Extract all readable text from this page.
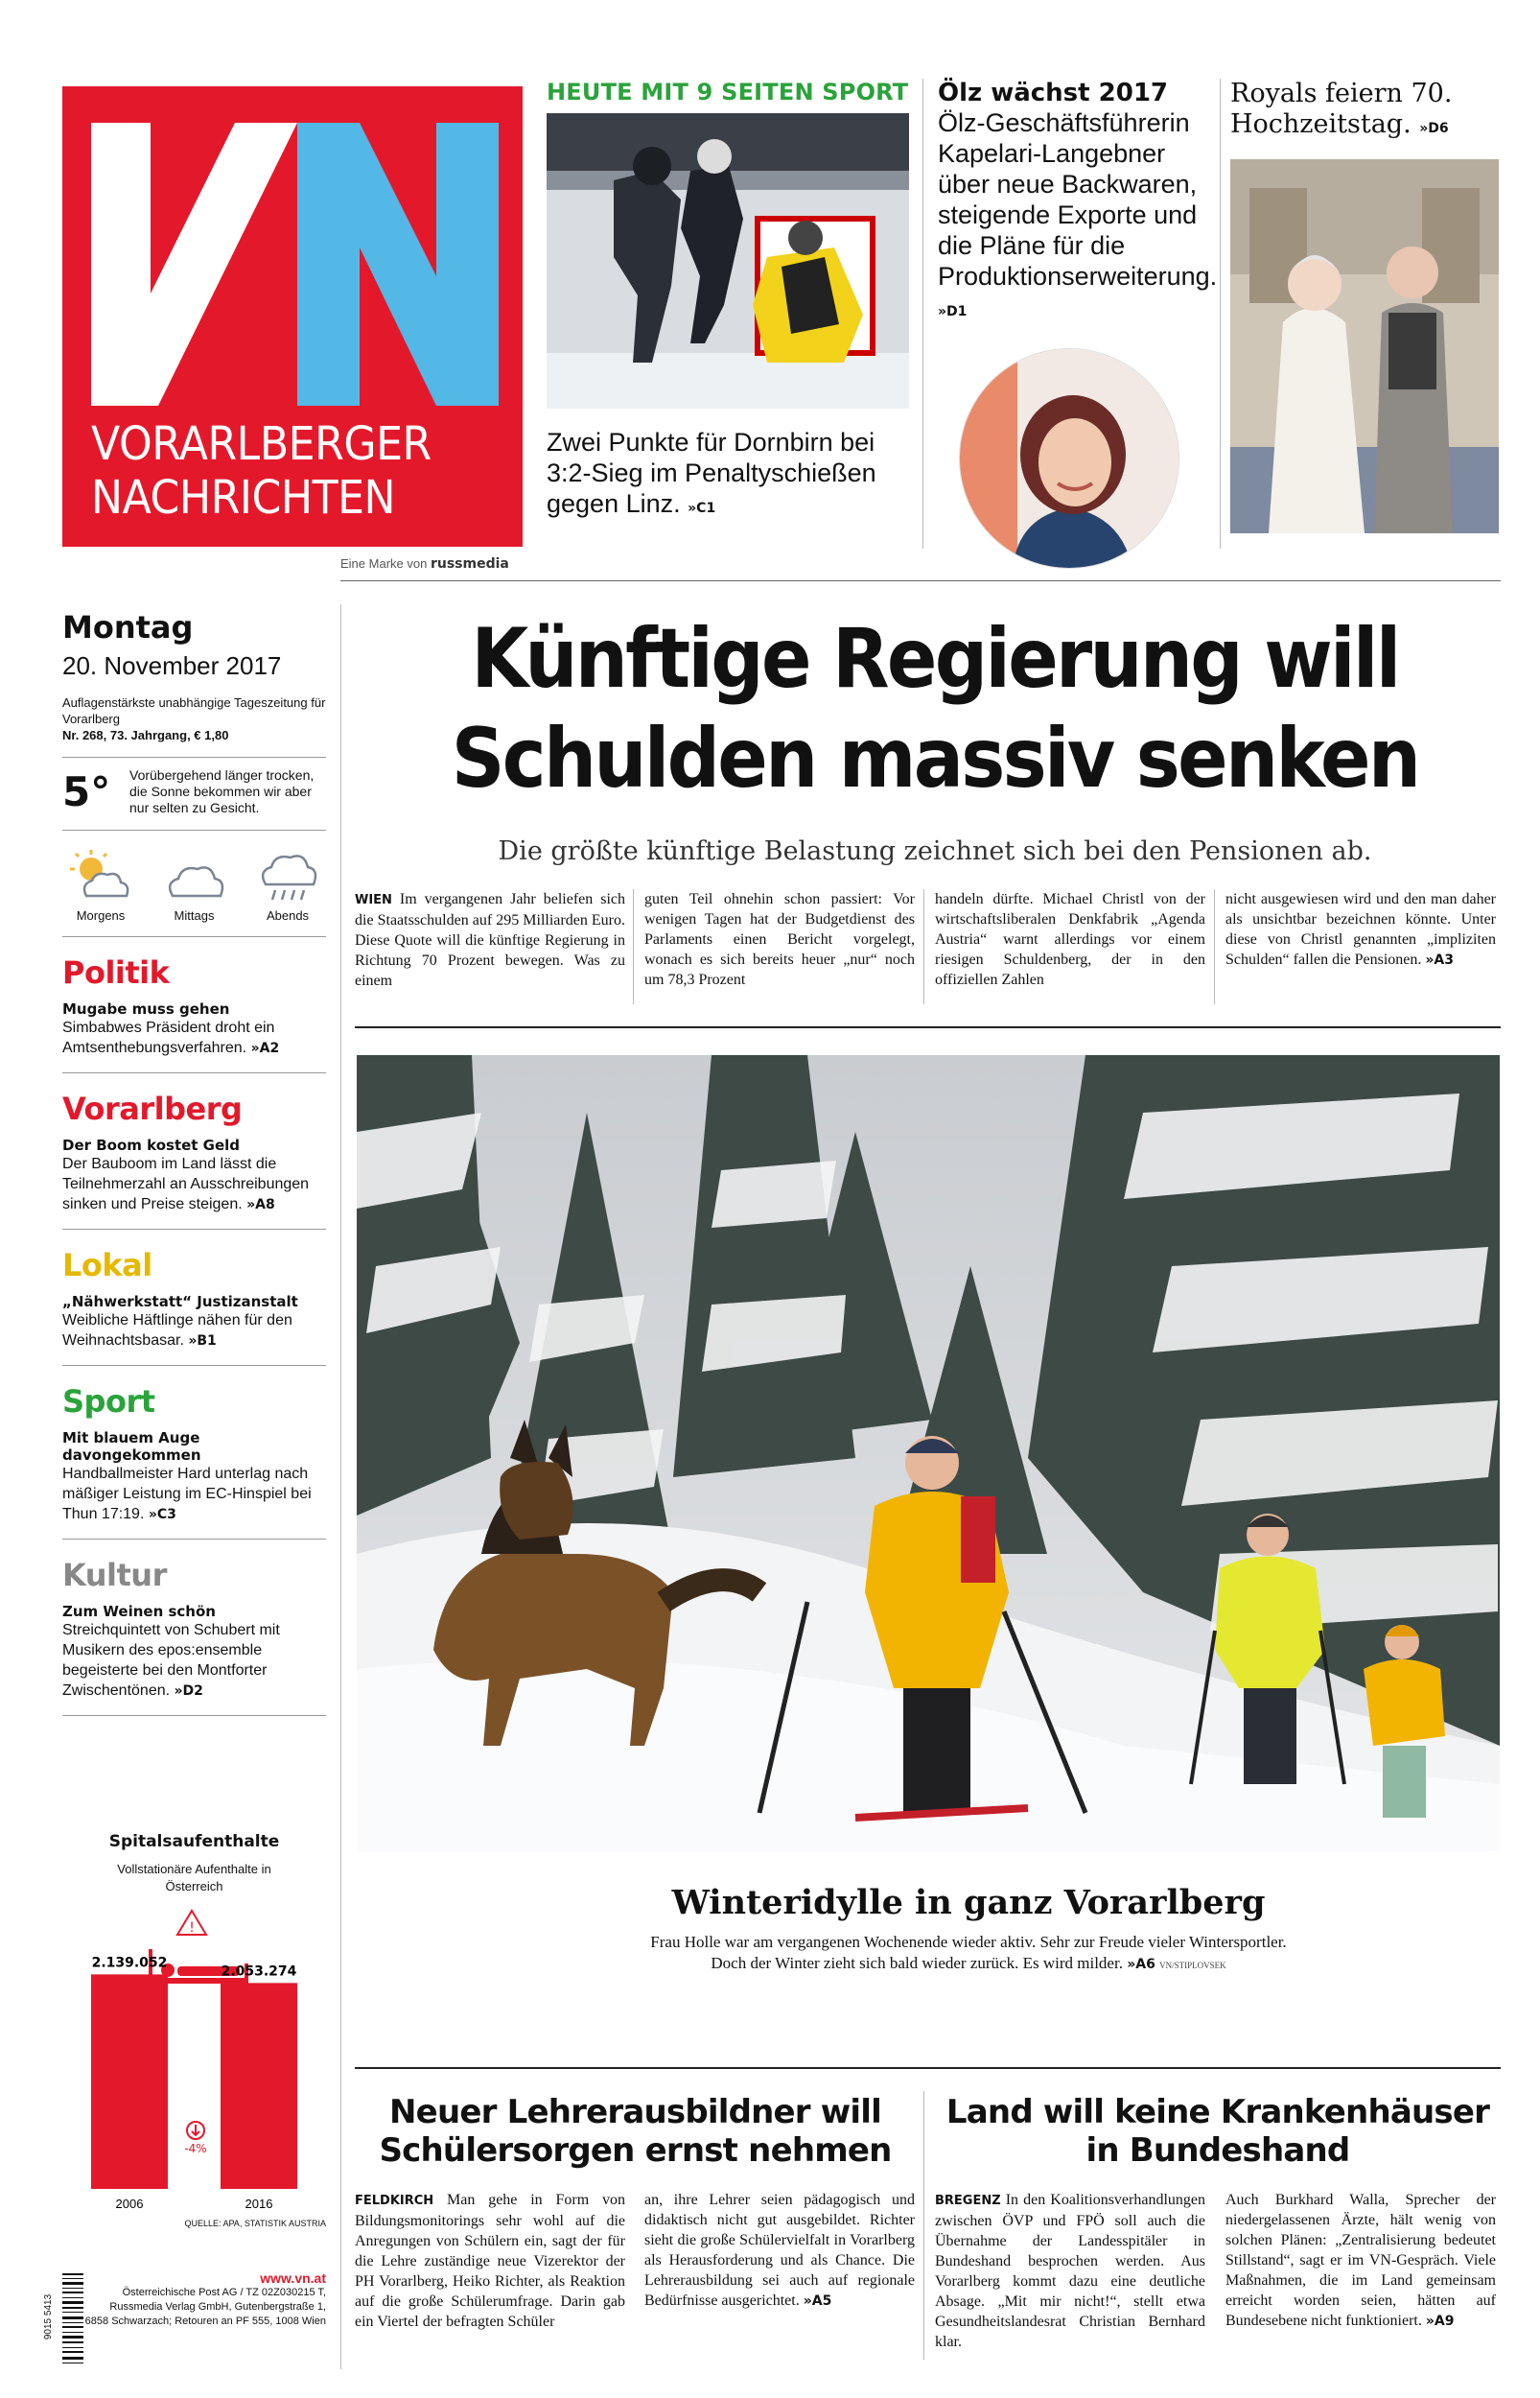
VORARLBERGER
NACHRICHTEN
Eine Marke von russmedia
HEUTE MIT 9 SEITEN SPORT
Zwei Punkte für Dornbirn bei 3:2-Sieg im Penaltyschießen gegen Linz. »C1
Ölz wächst 2017
Ölz-Geschäftsführerin Kapelari-Langebner über neue Backwaren, steigende Exporte und die Pläne für die Produktionserweiterung. »D1
Royals feiern 70. Hochzeitstag. »D6
Montag
20. November 2017
Auflagenstärkste unabhängige Tageszeitung für Vorarlberg
Nr. 268, 73. Jahrgang, € 1,80
5°	Vorübergehend länger trocken, die Sonne bekommen wir aber nur selten zu Gesicht.
Morgens	Mittags	Abends
Politik
Mugabe muss gehen
Simbabwes Präsident droht ein Amtsenthebungsverfahren. »A2
Vorarlberg
Der Boom kostet Geld
Der Bauboom im Land lässt die Teilnehmerzahl an Ausschreibungen sinken und Preise steigen. »A8
Lokal
„Nähwerkstatt“ Justizanstalt
Weibliche Häftlinge nähen für den Weihnachtsbasar. »B1
Sport
Mit blauem Auge davongekommen
Handballmeister Hard unterlag nach mäßiger Leistung im EC-Hinspiel bei Thun 17:19. »C3
Kultur
Zum Weinen schön
Streichquintett von Schubert mit Musikern des epos:ensemble begeisterte bei den Montforter Zwischentönen. »D2
Spitalsaufenthalte
Vollstationäre Aufenthalte in Österreich
!
2.139.052
2006
2.053.274
2016
-4%
QUELLE: APA, STATISTIK AUSTRIA
9015 5413
www.vn.at
Österreichische Post AG / TZ 02Z030215 T,
Russmedia Verlag GmbH, Gutenbergstraße 1,
6858 Schwarzach; Retouren an PF 555, 1008 Wien
Künftige Regierung will
Schulden massiv senken
Die größte künftige Belastung zeichnet sich bei den Pensionen ab.
WIEN Im vergangenen Jahr beliefen sich die Staatsschulden auf 295 Milliarden Euro. Diese Quote will die künftige Regierung in Richtung 70 Prozent bewegen. Was zu einem
guten Teil ohnehin schon passiert: Vor wenigen Tagen hat der Budgetdienst des Parlaments einen Bericht vorgelegt, wonach es sich bereits heuer „nur“ noch um 78,3 Prozent
handeln dürfte. Michael Christl von der wirtschaftsliberalen Denkfabrik „Agenda Austria“ warnt allerdings vor einem riesigen Schuldenberg, der in den offiziellen Zahlen
nicht ausgewiesen wird und den man daher als unsichtbar bezeichnen könnte. Unter diese von Christl genannten „impliziten Schulden“ fallen die Pensionen. »A3
Winteridylle in ganz Vorarlberg
Frau Holle war am vergangenen Wochenende wieder aktiv. Sehr zur Freude vieler Wintersportler.
Doch der Winter zieht sich bald wieder zurück. Es wird milder. »A6 VN/STIPLOVSEK
Neuer Lehrerausbildner will
Schülersorgen ernst nehmen
FELDKIRCH Man gehe in Form von Bildungsmonitorings sehr wohl auf die Anregungen von Schülern ein, sagt der für die Lehre zuständige neue Vizerektor der PH Vorarlberg, Heiko Richter, als Reaktion auf die große Schülerumfrage. Darin gab ein Viertel der befragten Schüler
an, ihre Lehrer seien pädagogisch und didaktisch nicht gut ausgebildet. Richter sieht die große Schülervielfalt in Vorarlberg als Herausforderung und als Chance. Die Lehrerausbildung sei auch auf regionale Bedürfnisse ausgerichtet. »A5
Land will keine Krankenhäuser
in Bundeshand
BREGENZ In den Koalitionsverhandlungen zwischen ÖVP und FPÖ soll auch die Übernahme der Landesspitäler in Bundeshand besprochen werden. Aus Vorarlberg kommt dazu eine deutliche Absage. „Mit mir nicht!“, stellt etwa Gesundheitslandesrat Christian Bernhard klar.
Auch Burkhard Walla, Sprecher der niedergelassenen Ärzte, hält wenig von solchen Plänen: „Zentralisierung bedeutet Stillstand“, sagt er im VN-Gespräch. Viele Maßnahmen, die im Land gemeinsam erreicht worden seien, hätten auf Bundesebene nicht funktioniert. »A9
